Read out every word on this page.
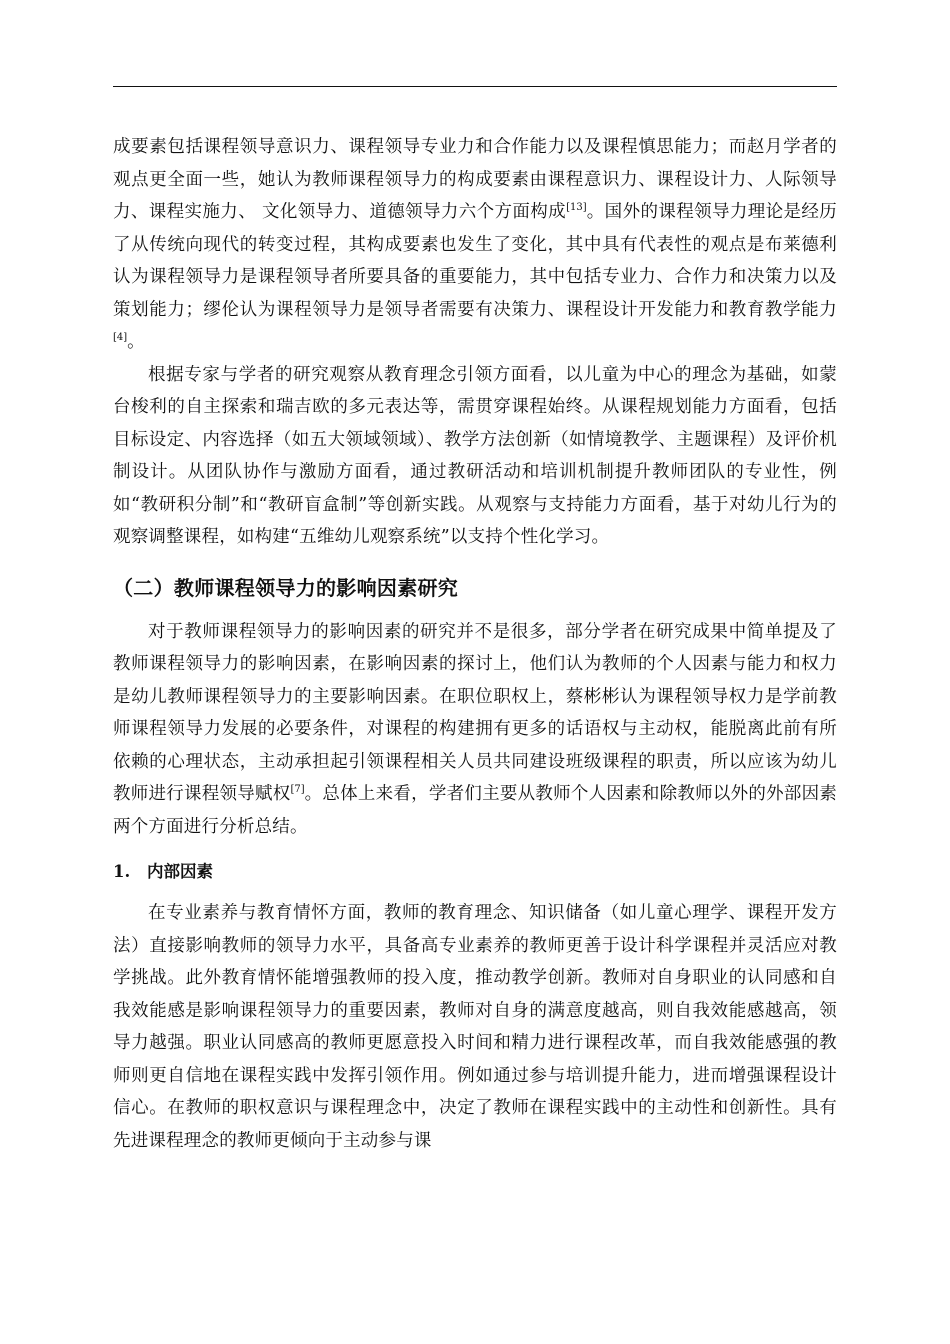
成要素包括课程领导意识力、课程领导专业力和合作能力以及课程慎思能力；而赵月学者的观点更全面一些，她认为教师课程领导力的构成要素由课程意识力、课程设计力、人际领导力、课程实施力、 文化领导力、道德领导力六个方面构成[13]。国外的课程领导力理论是经历了从传统向现代的转变过程，其构成要素也发生了变化，其中具有代表性的观点是布莱德利认为课程领导力是课程领导者所要具备的重要能力，其中包括专业力、合作力和决策力以及策划能力；缪伦认为课程领导力是领导者需要有决策力、课程设计开发能力和教育教学能力[4]。

根据专家与学者的研究观察从教育理念引领方面看，以儿童为中心的理念为基础，如蒙台梭利的自主探索和瑞吉欧的多元表达等，需贯穿课程始终。从课程规划能力方面看，包括目标设定、内容选择（如五大领域领域）、教学方法创新（如情境教学、主题课程）及评价机制设计。从团队协作与激励方面看，通过教研活动和培训机制提升教师团队的专业性，例如“教研积分制”和“教研盲盒制”等创新实践。从观察与支持能力方面看，基于对幼儿行为的观察调整课程，如构建“五维幼儿观察系统”以支持个性化学习。

（二）教师课程领导力的影响因素研究

对于教师课程领导力的影响因素的研究并不是很多，部分学者在研究成果中简单提及了教师课程领导力的影响因素，在影响因素的探讨上，他们认为教师的个人因素与能力和权力是幼儿教师课程领导力的主要影响因素。在职位职权上，蔡彬彬认为课程领导权力是学前教师课程领导力发展的必要条件，对课程的构建拥有更多的话语权与主动权，能脱离此前有所依赖的心理状态，主动承担起引领课程相关人员共同建设班级课程的职责，所以应该为幼儿教师进行课程领导赋权[7]。总体上来看，学者们主要从教师个人因素和除教师以外的外部因素两个方面进行分析总结。

1. 内部因素

在专业素养与教育情怀方面，教师的教育理念、知识储备（如儿童心理学、课程开发方法）直接影响教师的领导力水平，具备高专业素养的教师更善于设计科学课程并灵活应对教学挑战。此外教育情怀能增强教师的投入度，推动教学创新。教师对自身职业的认同感和自我效能感是影响课程领导力的重要因素，教师对自身的满意度越高，则自我效能感越高，领导力越强。职业认同感高的教师更愿意投入时间和精力进行课程改革，而自我效能感强的教师则更自信地在课程实践中发挥引领作用。例如通过参与培训提升能力，进而增强课程设计信心。在教师的职权意识与课程理念中，决定了教师在课程实践中的主动性和创新性。具有先进课程理念的教师更倾向于主动参与课
